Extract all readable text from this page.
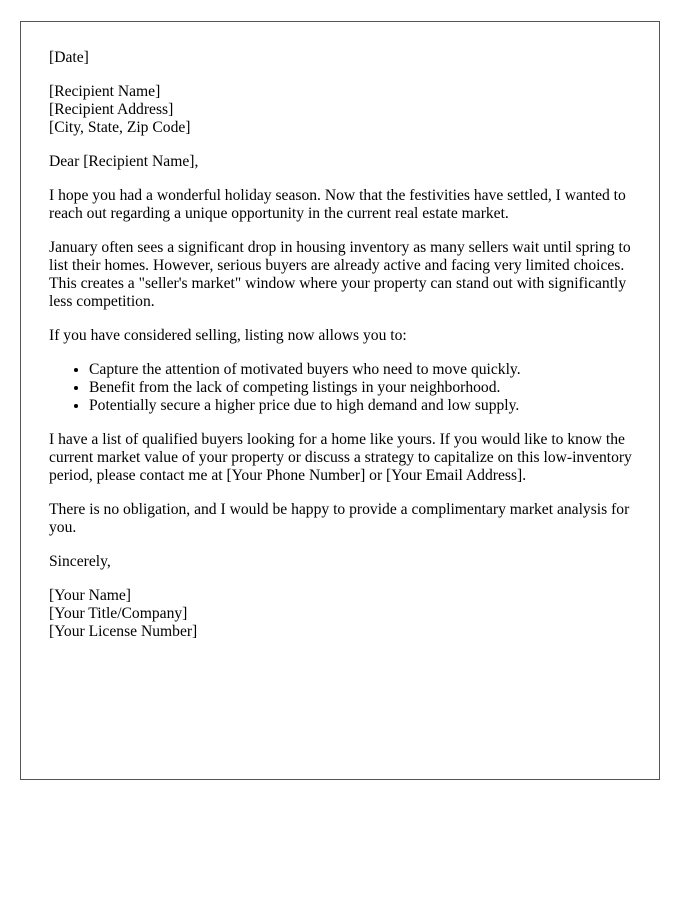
[Date]

[Recipient Name]

[Recipient Address]

[City, State, Zip Code]

Dear [Recipient Name],

I hope you had a wonderful holiday season. Now that the festivities have settled, I wanted to reach out regarding a unique opportunity in the current real estate market.

January often sees a significant drop in housing inventory as many sellers wait until spring to list their homes. However, serious buyers are already active and facing very limited choices. This creates a "seller's market" window where your property can stand out with significantly less competition.

If you have considered selling, listing now allows you to:

• Capture the attention of motivated buyers who need to move quickly.
• Benefit from the lack of competing listings in your neighborhood.
• Potentially secure a higher price due to high demand and low supply.

I have a list of qualified buyers looking for a home like yours. If you would like to know the current market value of your property or discuss a strategy to capitalize on this low-inventory period, please contact me at [Your Phone Number] or [Your Email Address].

There is no obligation, and I would be happy to provide a complimentary market analysis for you.

Sincerely,

[Your Name]

[Your Title/Company]

[Your License Number]
